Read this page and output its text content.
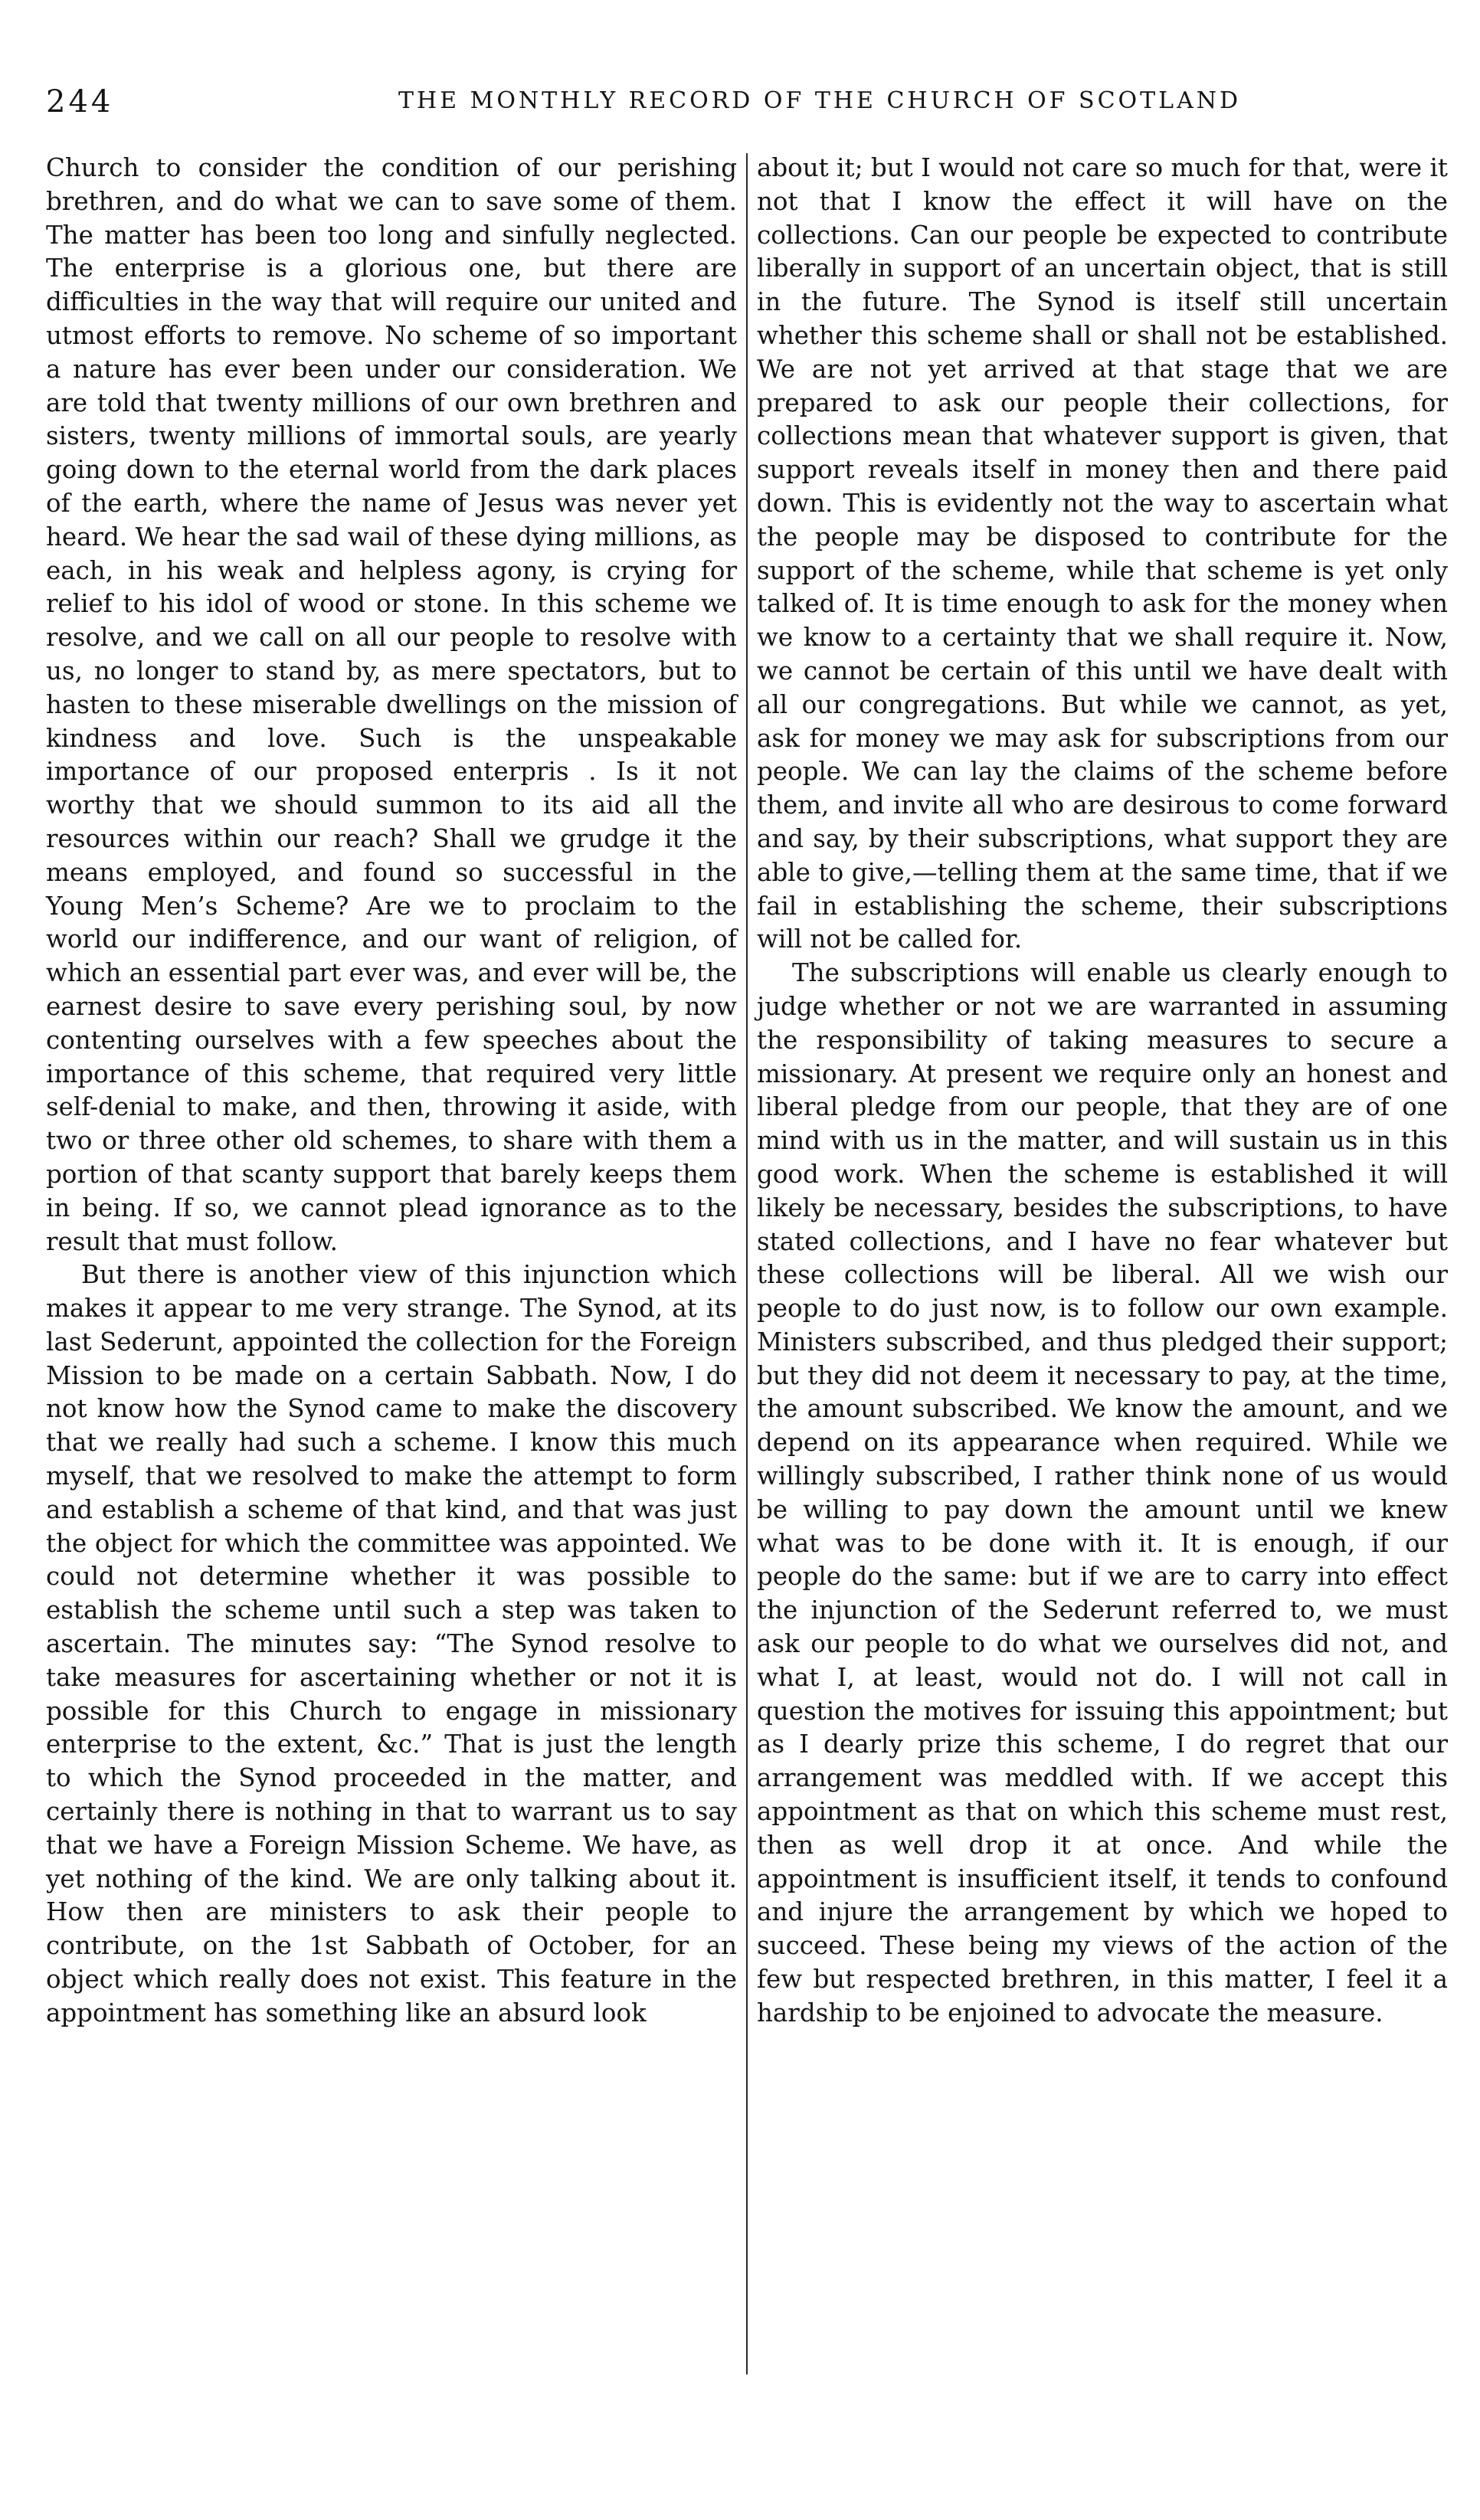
244	THE MONTHLY RECORD OF THE CHURCH OF SCOTLAND

Church to consider the condition of our perishing brethren, and do what we can to save some of them. The matter has been too long and sinfully neglected. The enterprise is a glorious one, but there are difficulties in the way that will require our united and utmost efforts to remove. No scheme of so important a nature has ever been under our consideration. We are told that twenty millions of our own brethren and sisters, twenty millions of immortal souls, are yearly going down to the eternal world from the dark places of the earth, where the name of Jesus was never yet heard. We hear the sad wail of these dying millions, as each, in his weak and helpless agony, is crying for relief to his idol of wood or stone. In this scheme we resolve, and we call on all our people to resolve with us, no longer to stand by, as mere spectators, but to hasten to these miserable dwellings on the mission of kindness and love. Such is the unspeakable importance of our proposed enterpris . Is it not worthy that we should summon to its aid all the resources within our reach? Shall we grudge it the means employed, and found so successful in the Young Men’s Scheme? Are we to proclaim to the world our indifference, and our want of religion, of which an essential part ever was, and ever will be, the earnest desire to save every perishing soul, by now contenting ourselves with a few speeches about the importance of this scheme, that required very little self-denial to make, and then, throwing it aside, with two or three other old schemes, to share with them a portion of that scanty support that barely keeps them in being. If so, we cannot plead ignorance as to the result that must follow.

But there is another view of this injunction which makes it appear to me very strange. The Synod, at its last Sederunt, appointed the collection for the Foreign Mission to be made on a certain Sabbath. Now, I do not know how the Synod came to make the discovery that we really had such a scheme. I know this much myself, that we resolved to make the attempt to form and establish a scheme of that kind, and that was just the object for which the committee was appointed. We could not determine whether it was possible to establish the scheme until such a step was taken to ascertain. The minutes say: “The Synod resolve to take measures for ascertaining whether or not it is possible for this Church to engage in missionary enterprise to the extent, &c.” That is just the length to which the Synod proceeded in the matter, and certainly there is nothing in that to warrant us to say that we have a Foreign Mission Scheme. We have, as yet nothing of the kind. We are only talking about it. How then are ministers to ask their people to contribute, on the 1st Sabbath of October, for an object which really does not exist. This feature in the appointment has something like an absurd look

about it; but I would not care so much for that, were it not that I know the effect it will have on the collections. Can our people be expected to contribute liberally in support of an uncertain object, that is still in the future. The Synod is itself still uncertain whether this scheme shall or shall not be established. We are not yet arrived at that stage that we are prepared to ask our people their collections, for collections mean that whatever support is given, that support reveals itself in money then and there paid down. This is evidently not the way to ascertain what the people may be disposed to contribute for the support of the scheme, while that scheme is yet only talked of. It is time enough to ask for the money when we know to a certainty that we shall require it. Now, we cannot be certain of this until we have dealt with all our congregations. But while we cannot, as yet, ask for money we may ask for subscriptions from our people. We can lay the claims of the scheme before them, and invite all who are desirous to come forward and say, by their subscriptions, what support they are able to give,—telling them at the same time, that if we fail in establishing the scheme, their subscriptions will not be called for.

The subscriptions will enable us clearly enough to judge whether or not we are warranted in assuming the responsibility of taking measures to secure a missionary. At present we require only an honest and liberal pledge from our people, that they are of one mind with us in the matter, and will sustain us in this good work. When the scheme is established it will likely be necessary, besides the subscriptions, to have stated collections, and I have no fear whatever but these collections will be liberal. All we wish our people to do just now, is to follow our own example. Ministers subscribed, and thus pledged their support; but they did not deem it necessary to pay, at the time, the amount subscribed. We know the amount, and we depend on its appearance when required. While we willingly subscribed, I rather think none of us would be willing to pay down the amount until we knew what was to be done with it. It is enough, if our people do the same: but if we are to carry into effect the injunction of the Sederunt referred to, we must ask our people to do what we ourselves did not, and what I, at least, would not do. I will not call in question the motives for issuing this appointment; but as I dearly prize this scheme, I do regret that our arrangement was meddled with. If we accept this appointment as that on which this scheme must rest, then as well drop it at once. And while the appointment is insufficient itself, it tends to confound and injure the arrangement by which we hoped to succeed. These being my views of the action of the few but respected brethren, in this matter, I feel it a hardship to be enjoined to advocate the measure.
